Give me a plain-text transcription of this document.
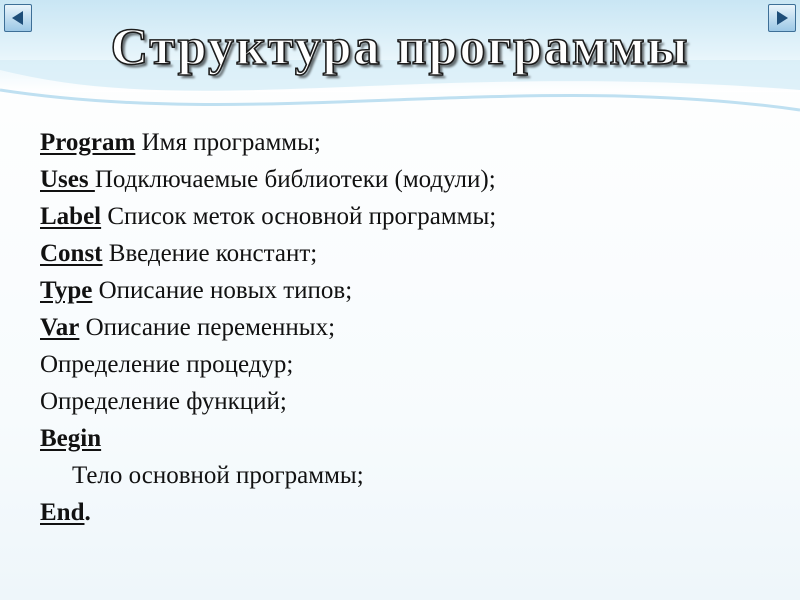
Структура программы
Program Имя программы;
Uses Подключаемые библиотеки (модули);
Label Список меток основной программы;
Const Введение констант;
Type Описание новых типов;
Var Описание переменных;
Определение процедур;
Определение функций;
Begin
Тело основной программы;
End.
